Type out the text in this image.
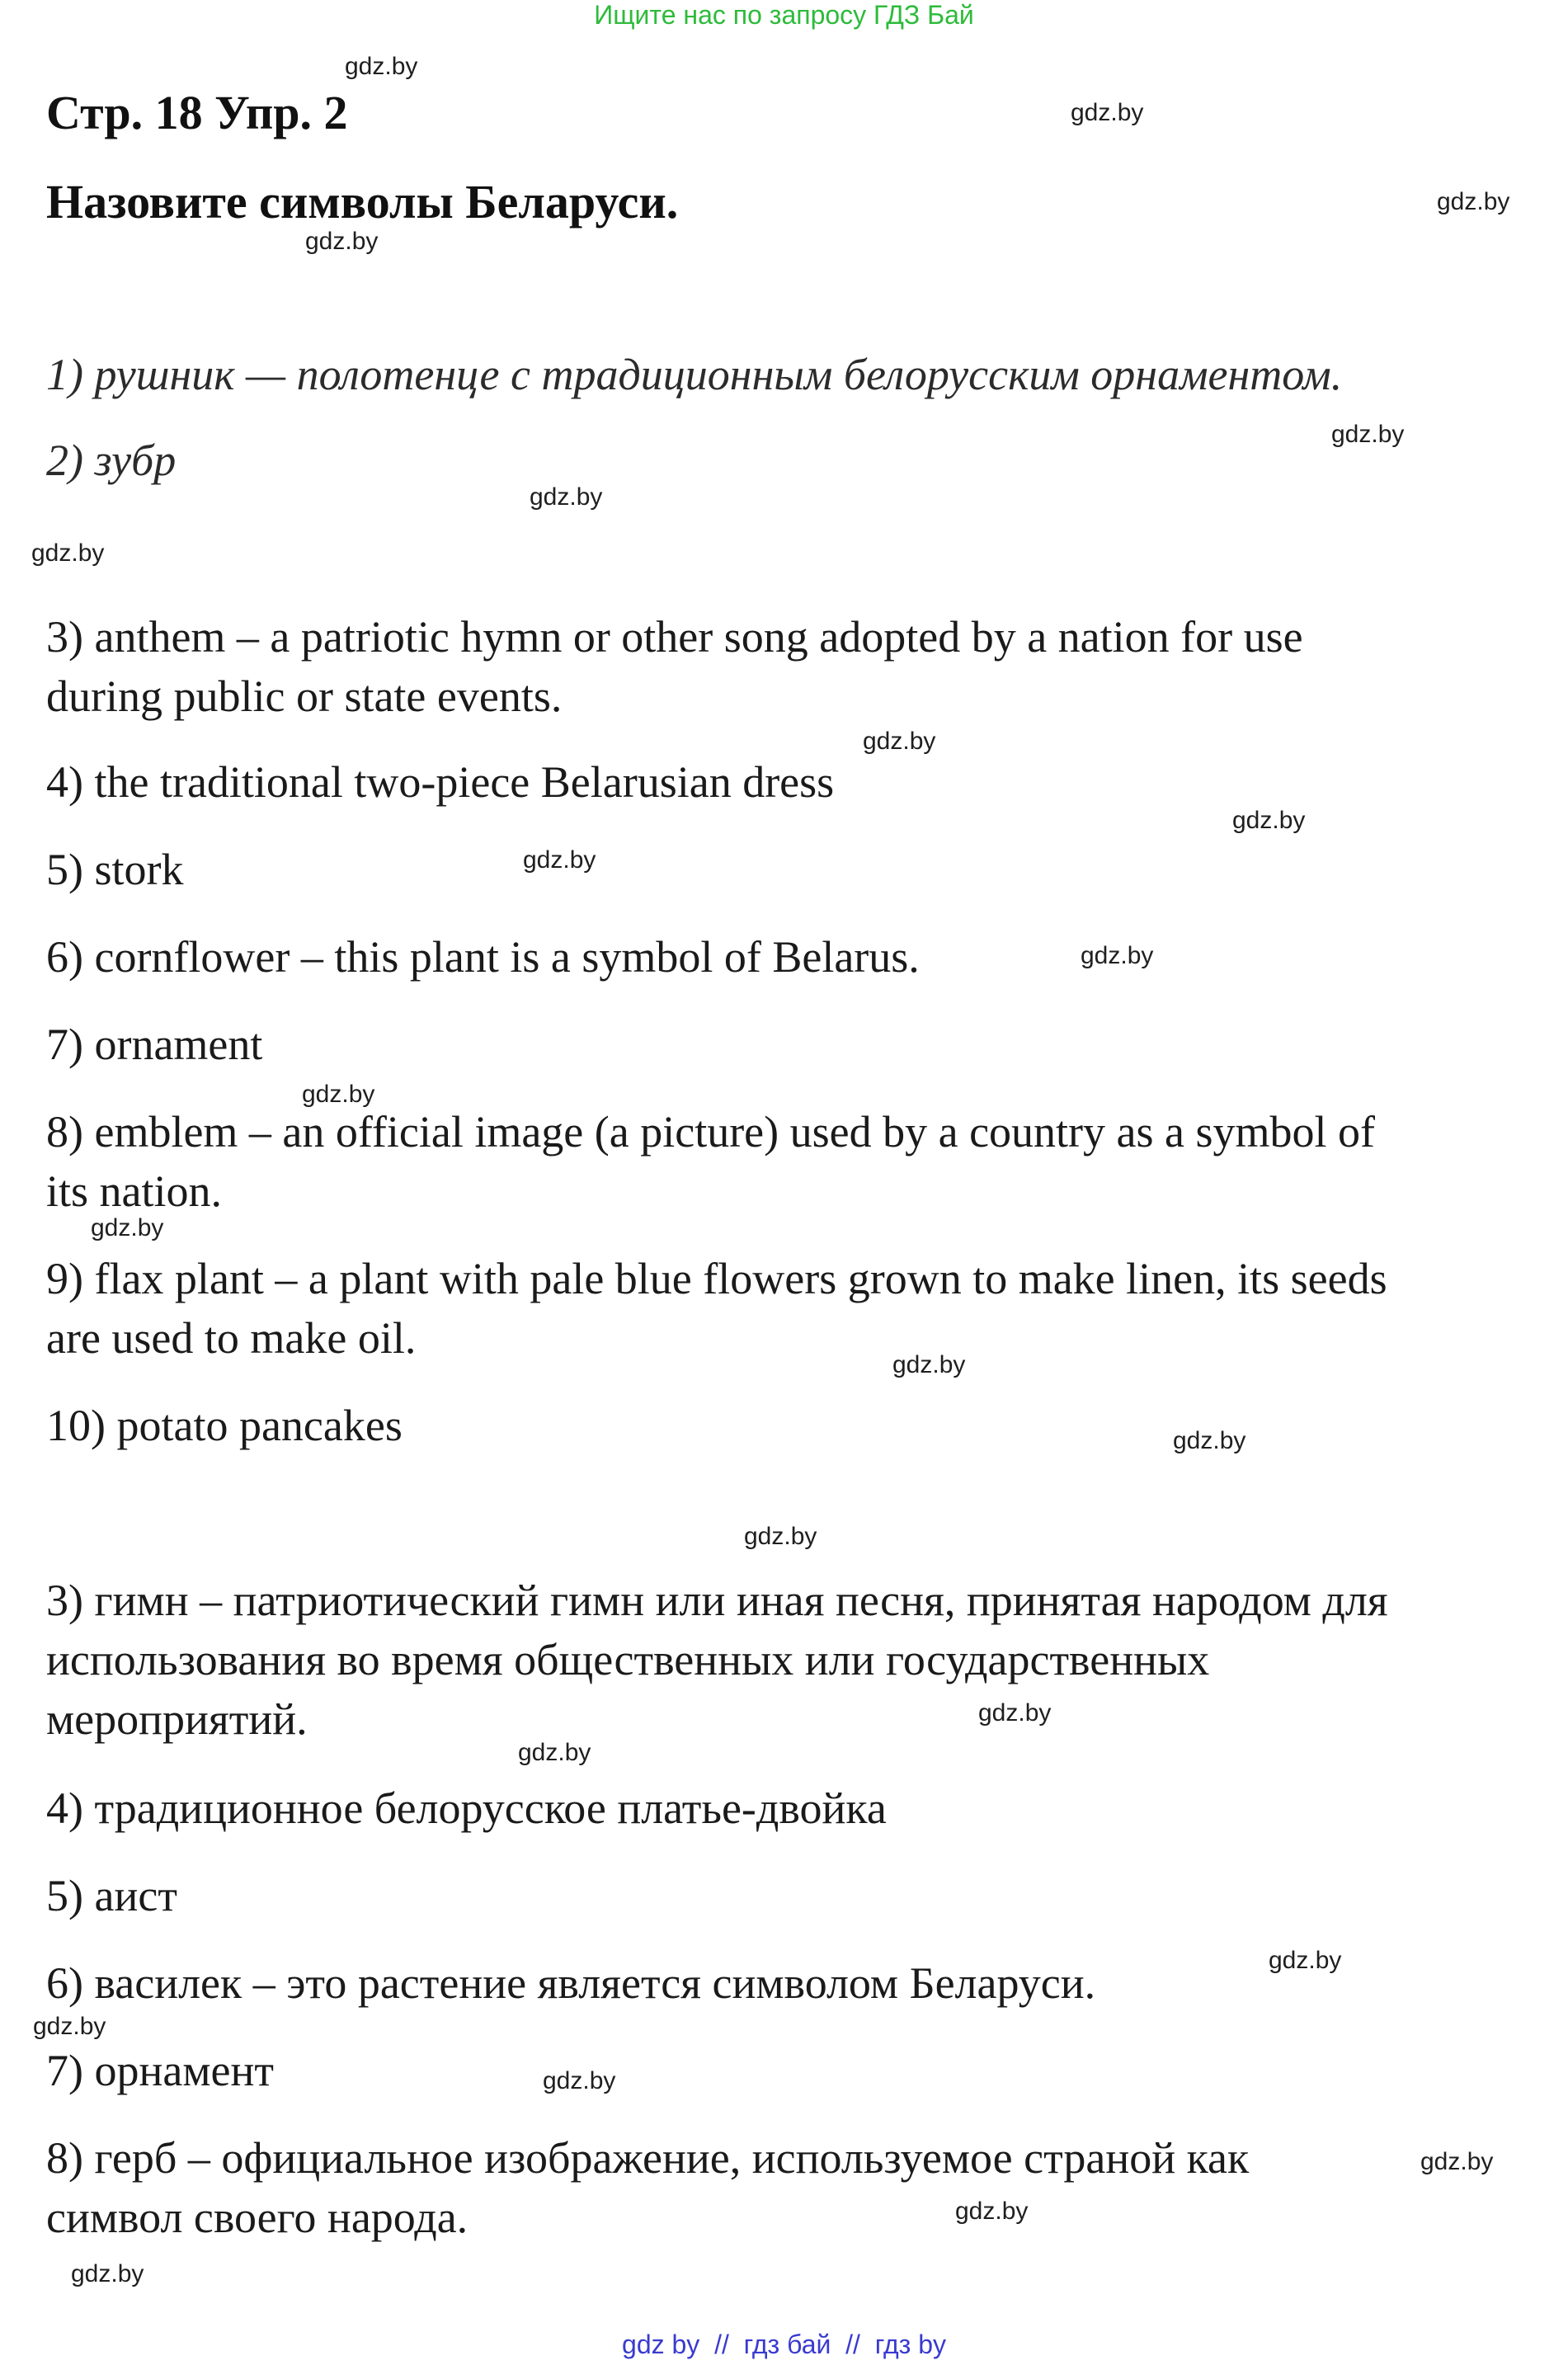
Ищите нас по запросу ГДЗ Бай
Стр. 18 Упр. 2
Назовите символы Беларуси.
1) рушник — полотенце с традиционным белорусским орнаментом.
2) зубр
3) anthem – a patriotic hymn or other song adopted by a nation for use
during public or state events.
4) the traditional two-piece Belarusian dress
5) stork
6) cornflower – this plant is a symbol of Belarus.
7) ornament
8) emblem – an official image (a picture) used by a country as a symbol of
its nation.
9) flax plant – a plant with pale blue flowers grown to make linen, its seeds
are used to make oil.
10) potato pancakes
3) гимн – патриотический гимн или иная песня, принятая народом для
использования во время общественных или государственных
мероприятий.
4) традиционное белорусское платье-двойка
5) аист
6) василек – это растение является символом Беларуси.
7) орнамент
8) герб – официальное изображение, используемое страной как
символ своего народа.
gdz.by
gdz.by
gdz.by
gdz.by
gdz.by
gdz.by
gdz.by
gdz.by
gdz.by
gdz.by
gdz.by
gdz.by
gdz.by
gdz.by
gdz.by
gdz.by
gdz.by
gdz.by
gdz.by
gdz.by
gdz.by
gdz.by
gdz.by
gdz.by
gdz by  //  гдз бай  //  гдз by
